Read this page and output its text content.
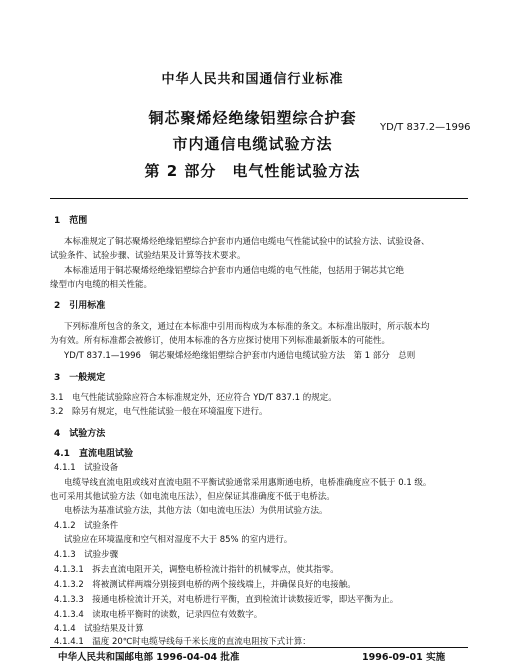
中华人民共和国通信行业标准
铜芯聚烯烃绝缘铝塑综合护套
市内通信电缆试验方法
第 2 部分　电气性能试验方法
YD/T 837.2—1996
1　范围
本标准规定了铜芯聚烯烃绝缘铝塑综合护套市内通信电缆电气性能试验中的试验方法、试验设备、
试验条件、试验步骤、试验结果及计算等技术要求。
本标准适用于铜芯聚烯烃绝缘铝塑综合护套市内通信电缆的电气性能，包括用于铜芯其它绝
缘型市内电缆的相关性能。
2　引用标准
下列标准所包含的条文，通过在本标准中引用而构成为本标准的条文。本标准出版时，所示版本均
为有效。所有标准都会被修订，使用本标准的各方应探讨使用下列标准最新版本的可能性。
YD/T 837.1—1996　铜芯聚烯烃绝缘铝塑综合护套市内通信电缆试验方法　第 1 部分　总则
3　一般规定
3.1　电气性能试验除应符合本标准规定外，还应符合 YD/T 837.1 的规定。
3.2　除另有规定，电气性能试验一般在环境温度下进行。
4　试验方法
4.1　直流电阻试验
4.1.1　试验设备
电缆导线直流电阻或线对直流电阻不平衡试验通常采用惠斯通电桥，电桥准确度应不低于 0.1 级。
也可采用其他试验方法（如电流电压法），但应保证其准确度不低于电桥法。
电桥法为基准试验方法，其他方法（如电流电压法）为供用试验方法。
4.1.2　试验条件
试验应在环境温度和空气相对湿度不大于 85% 的室内进行。
4.1.3　试验步骤
4.1.3.1　拆去直流电阻开关，调整电桥检流计指针的机械零点，使其指零。
4.1.3.2　将被测试样两端分别接到电桥的两个接线端上，并确保良好的电接触。
4.1.3.3　接通电桥检流计开关，对电桥进行平衡，直到检流计读数接近零，即达平衡为止。
4.1.3.4　读取电桥平衡时的读数，记录四位有效数字。
4.1.4　试验结果及计算
4.1.4.1　温度 20℃时电缆导线每千米长度的直流电阻按下式计算：
中华人民共和国邮电部 1996-04-04 批准	1996-09-01 实施
